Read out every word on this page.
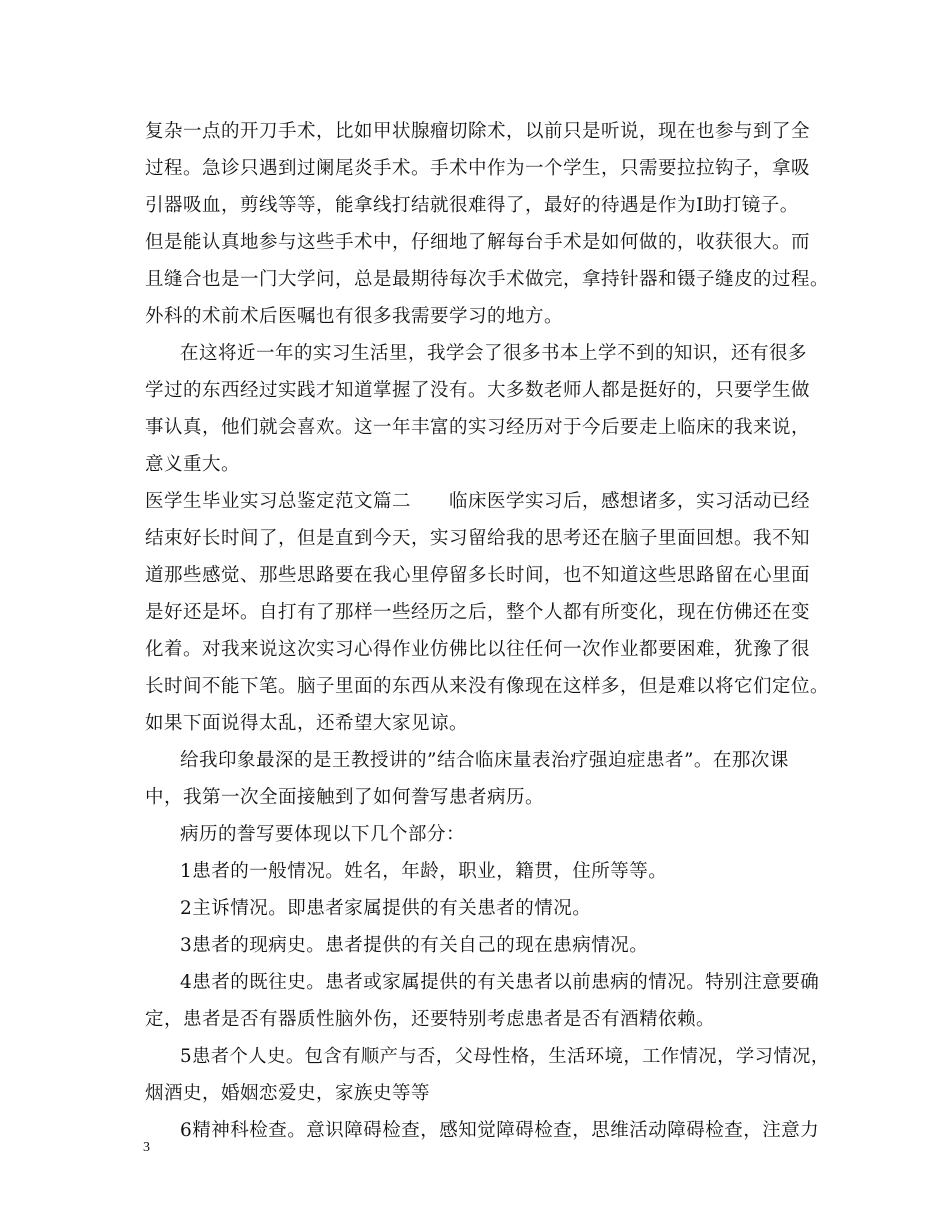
复杂一点的开刀手术，比如甲状腺瘤切除术，以前只是听说，现在也参与到了全
过程。急诊只遇到过阑尾炎手术。手术中作为一个学生，只需要拉拉钩子，拿吸
引器吸血，剪线等等，能拿线打结就很难得了，最好的待遇是作为Ⅰ助打镜子。
但是能认真地参与这些手术中，仔细地了解每台手术是如何做的，收获很大。而
且缝合也是一门大学问，总是最期待每次手术做完，拿持针器和镊子缝皮的过程。
外科的术前术后医嘱也有很多我需要学习的地方。
在这将近一年的实习生活里，我学会了很多书本上学不到的知识，还有很多
学过的东西经过实践才知道掌握了没有。大多数老师人都是挺好的，只要学生做
事认真，他们就会喜欢。这一年丰富的实习经历对于今后要走上临床的我来说，
意义重大。
医学生毕业实习总鉴定范文篇二　　临床医学实习后，感想诸多，实习活动已经
结束好长时间了，但是直到今天，实习留给我的思考还在脑子里面回想。我不知
道那些感觉、那些思路要在我心里停留多长时间，也不知道这些思路留在心里面
是好还是坏。自打有了那样一些经历之后，整个人都有所变化，现在仿佛还在变
化着。对我来说这次实习心得作业仿佛比以往任何一次作业都要困难，犹豫了很
长时间不能下笔。脑子里面的东西从来没有像现在这样多，但是难以将它们定位。
如果下面说得太乱，还希望大家见谅。
给我印象最深的是王教授讲的”结合临床量表治疗强迫症患者”。在那次课
中，我第一次全面接触到了如何誊写患者病历。
病历的誊写要体现以下几个部分：
1患者的一般情况。姓名，年龄，职业，籍贯，住所等等。
2主诉情况。即患者家属提供的有关患者的情况。
3患者的现病史。患者提供的有关自己的现在患病情况。
4患者的既往史。患者或家属提供的有关患者以前患病的情况。特别注意要确
定，患者是否有器质性脑外伤，还要特别考虑患者是否有酒精依赖。
5患者个人史。包含有顺产与否，父母性格，生活环境，工作情况，学习情况，
烟酒史，婚姻恋爱史，家族史等等
6精神科检查。意识障碍检查，感知觉障碍检查，思维活动障碍检查，注意力
3
